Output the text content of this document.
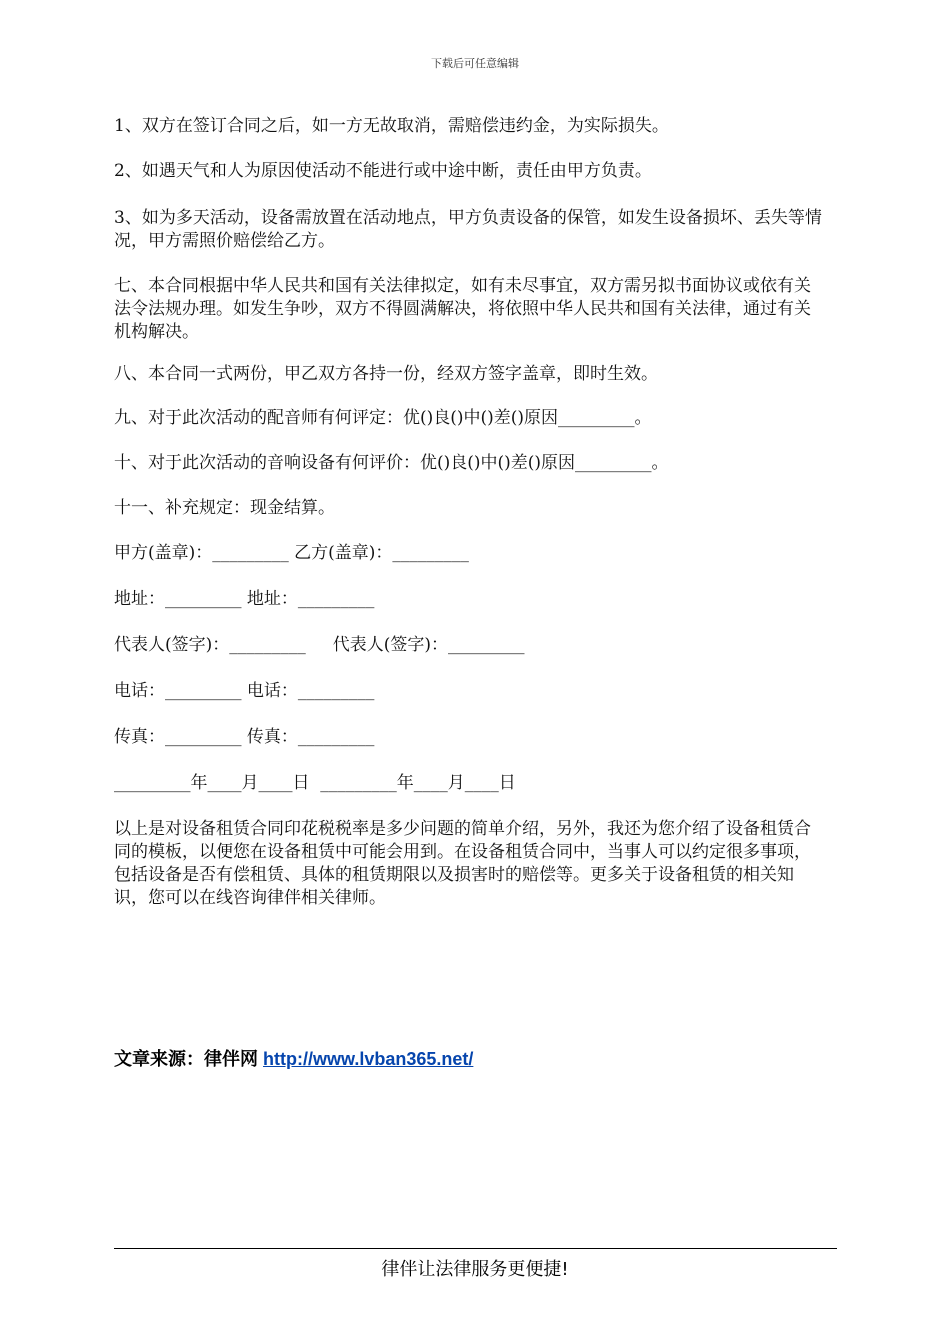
下载后可任意编辑

1、双方在签订合同之后，如一方无故取消，需赔偿违约金，为实际损失。

2、如遇天气和人为原因使活动不能进行或中途中断，责任由甲方负责。

3、如为多天活动，设备需放置在活动地点，甲方负责设备的保管，如发生设备损坏、丢失等情况，甲方需照价赔偿给乙方。

七、本合同根据中华人民共和国有关法律拟定，如有未尽事宜，双方需另拟书面协议或依有关法令法规办理。如发生争吵，双方不得圆满解决，将依照中华人民共和国有关法律，通过有关机构解决。

八、本合同一式两份，甲乙双方各持一份，经双方签字盖章，即时生效。

九、对于此次活动的配音师有何评定：优()良()中()差()原因_________。

十、对于此次活动的音响设备有何评价：优()良()中()差()原因_________。

十一、补充规定：现金结算。

甲方(盖章)：_________ 乙方(盖章)：_________
地址：_________ 地址：_________
代表人(签字)：_________     代表人(签字)：_________
电话：_________ 电话：_________
传真：_________ 传真：_________
_________年____月____日  _________年____月____日

以上是对设备租赁合同印花税税率是多少问题的简单介绍，另外，我还为您介绍了设备租赁合同的模板，以便您在设备租赁中可能会用到。在设备租赁合同中，当事人可以约定很多事项，包括设备是否有偿租赁、具体的租赁期限以及损害时的赔偿等。更多关于设备租赁的相关知识，您可以在线咨询律伴相关律师。

文章来源：律伴网 http://www.lvban365.net/
律伴让法律服务更便捷!
